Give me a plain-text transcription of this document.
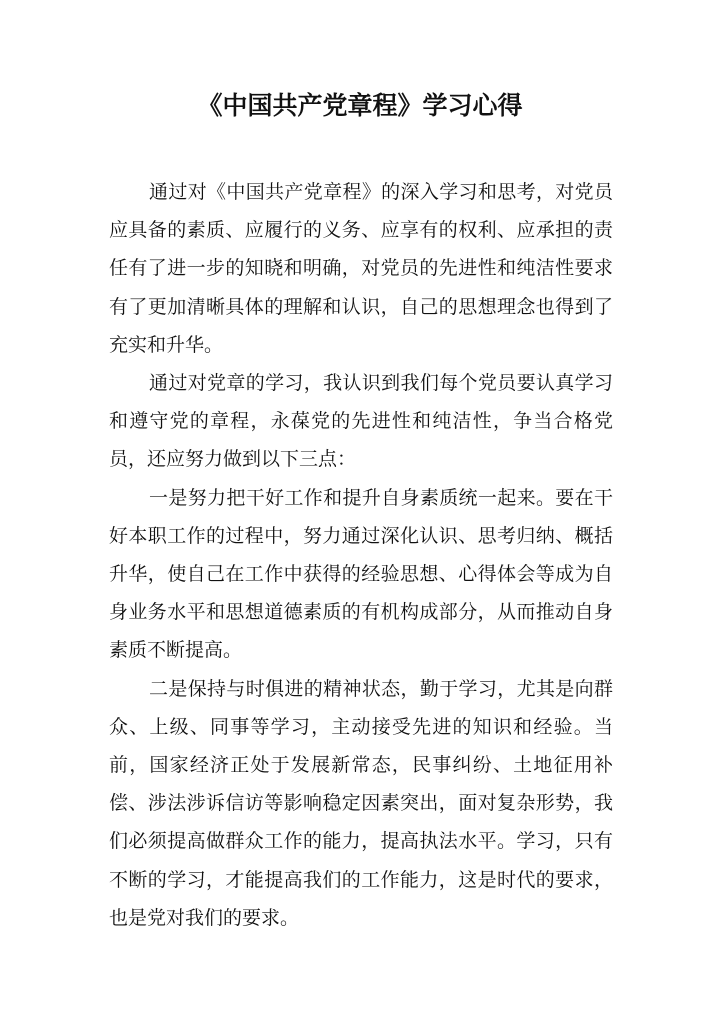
《中国共产党章程》学习心得

通过对《中国共产党章程》的深入学习和思考，对党员应具备的素质、应履行的义务、应享有的权利、应承担的责任有了进一步的知晓和明确，对党员的先进性和纯洁性要求有了更加清晰具体的理解和认识，自己的思想理念也得到了充实和升华。

通过对党章的学习，我认识到我们每个党员要认真学习和遵守党的章程，永葆党的先进性和纯洁性，争当合格党员，还应努力做到以下三点：

一是努力把干好工作和提升自身素质统一起来。要在干好本职工作的过程中，努力通过深化认识、思考归纳、概括升华，使自己在工作中获得的经验思想、心得体会等成为自身业务水平和思想道德素质的有机构成部分，从而推动自身素质不断提高。

二是保持与时俱进的精神状态，勤于学习，尤其是向群众、上级、同事等学习，主动接受先进的知识和经验。当前，国家经济正处于发展新常态，民事纠纷、土地征用补偿、涉法涉诉信访等影响稳定因素突出，面对复杂形势，我们必须提高做群众工作的能力，提高执法水平。学习，只有不断的学习，才能提高我们的工作能力，这是时代的要求，也是党对我们的要求。
